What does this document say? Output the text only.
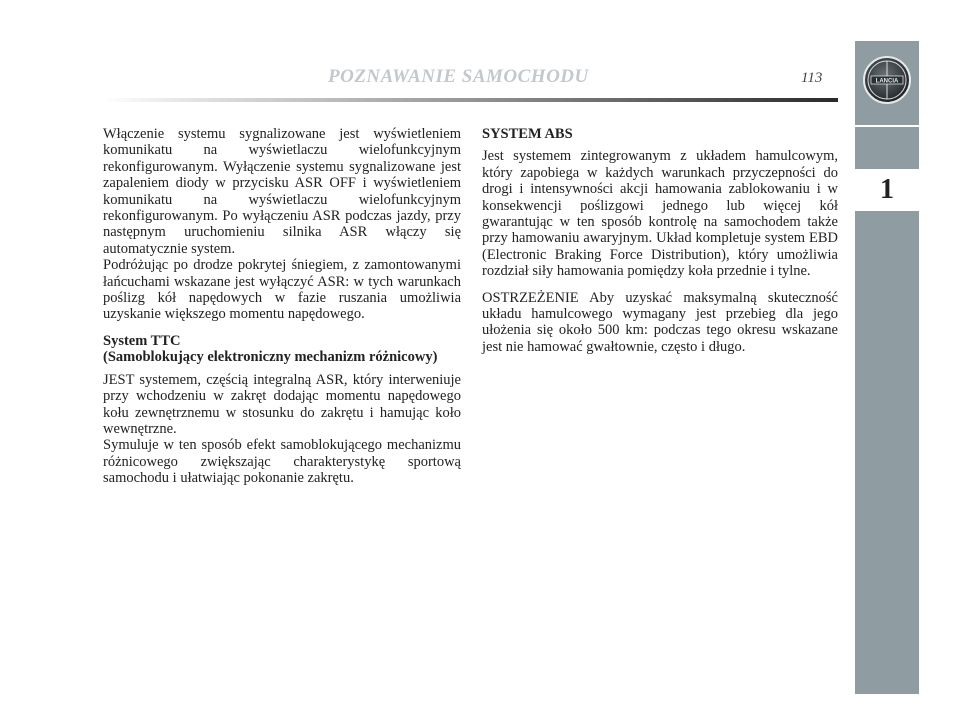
POZNAWANIE SAMOCHODU	113	LANCIA
1

Włączenie systemu sygnalizowane jest wyświetleniem komunikatu na wyświetlaczu wielofunkcyjnym rekonfigurowanym. Wyłączenie systemu sygnalizowane jest zapaleniem diody w przycisku ASR OFF i wyświetleniem komunikatu na wyświetlaczu wielofunkcyjnym rekonfigurowanym. Po wyłączeniu ASR podczas jazdy, przy następnym uruchomieniu silnika ASR włączy się automatycznie system.

Podróżując po drodze pokrytej śniegiem, z zamontowanymi łańcuchami wskazane jest wyłączyć ASR: w tych warunkach poślizg kół napędowych w fazie ruszania umożliwia uzyskanie większego momentu napędowego.

System TTC
(Samoblokujący elektroniczny mechanizm różnicowy)

JEST systemem, częścią integralną ASR, który interweniuje przy wchodzeniu w zakręt dodając momentu napędowego kołu zewnętrznemu w stosunku do zakrętu i hamując koło wewnętrzne.

Symuluje w ten sposób efekt samoblokującego mechanizmu różnicowego zwiększając charakterystykę sportową samochodu i ułatwiając pokonanie zakrętu.

SYSTEM ABS

Jest systemem zintegrowanym z układem hamulcowym, który zapobiega w każdych warunkach przyczepności do drogi i intensywności akcji hamowania zablokowaniu i w konsekwencji poślizgowi jednego lub więcej kół gwarantując w ten sposób kontrolę na samochodem także przy hamowaniu awaryjnym. Układ kompletuje system EBD (Electronic Braking Force Distribution), który umożliwia rozdział siły hamowania pomiędzy koła przednie i tylne.

OSTRZEŻENIE Aby uzyskać maksymalną skuteczność układu hamulcowego wymagany jest przebieg dla jego ułożenia się około 500 km: podczas tego okresu wskazane jest nie hamować gwałtownie, często i długo.
